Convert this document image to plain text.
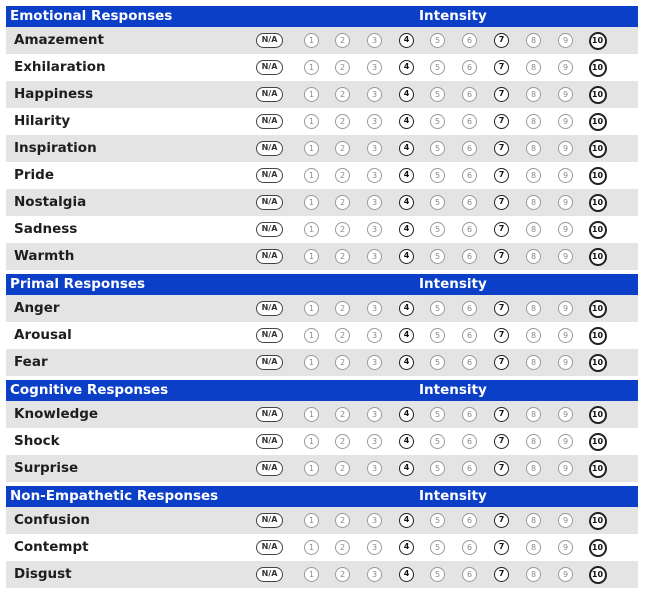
Emotional Responses	Intensity
Amazement	N/A	1	2	3	4	5	6	7	8	9	10
Exhilaration	N/A	1	2	3	4	5	6	7	8	9	10
Happiness	N/A	1	2	3	4	5	6	7	8	9	10
Hilarity	N/A	1	2	3	4	5	6	7	8	9	10
Inspiration	N/A	1	2	3	4	5	6	7	8	9	10
Pride	N/A	1	2	3	4	5	6	7	8	9	10
Nostalgia	N/A	1	2	3	4	5	6	7	8	9	10
Sadness	N/A	1	2	3	4	5	6	7	8	9	10
Warmth	N/A	1	2	3	4	5	6	7	8	9	10
Primal Responses	Intensity
Anger	N/A	1	2	3	4	5	6	7	8	9	10
Arousal	N/A	1	2	3	4	5	6	7	8	9	10
Fear	N/A	1	2	3	4	5	6	7	8	9	10
Cognitive Responses	Intensity
Knowledge	N/A	1	2	3	4	5	6	7	8	9	10
Shock	N/A	1	2	3	4	5	6	7	8	9	10
Surprise	N/A	1	2	3	4	5	6	7	8	9	10
Non-Empathetic Responses	Intensity
Confusion	N/A	1	2	3	4	5	6	7	8	9	10
Contempt	N/A	1	2	3	4	5	6	7	8	9	10
Disgust	N/A	1	2	3	4	5	6	7	8	9	10
